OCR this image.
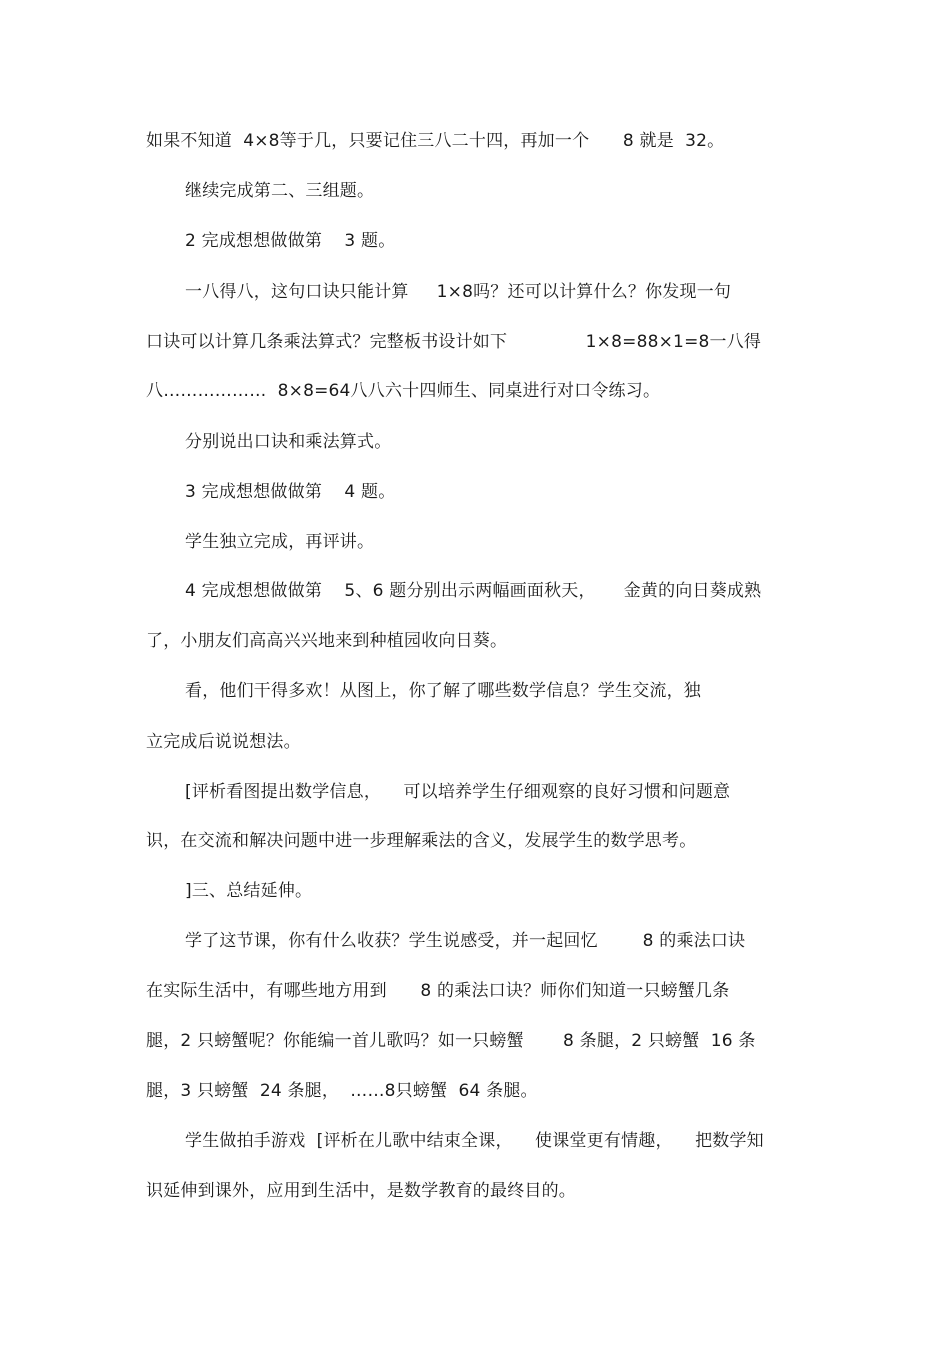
如果不知道  4×8等于几，只要记住三八二十四，再加一个      8 就是  32。
继续完成第二、三组题。
2 完成想想做做第    3 题。
一八得八，这句口诀只能计算     1×8吗？还可以计算什么？你发现一句
口诀可以计算几条乘法算式？完整板书设计如下              1×8=88×1=8一八得
八………………  8×8=64八八六十四师生、同桌进行对口令练习。
分别说出口诀和乘法算式。
3 完成想想做做第    4 题。
学生独立完成，再评讲。
4 完成想想做做第    5、6 题分别出示两幅画面秋天，     金黄的向日葵成熟
了，小朋友们高高兴兴地来到种植园收向日葵。
看，他们干得多欢！从图上，你了解了哪些数学信息？学生交流，独
立完成后说说想法。
[评析看图提出数学信息，    可以培养学生仔细观察的良好习惯和问题意
识，在交流和解决问题中进一步理解乘法的含义，发展学生的数学思考。
]三、总结延伸。
学了这节课，你有什么收获？学生说感受，并一起回忆        8 的乘法口诀
在实际生活中，有哪些地方用到      8 的乘法口诀？师你们知道一只螃蟹几条
腿，2 只螃蟹呢？你能编一首儿歌吗？如一只螃蟹       8 条腿，2 只螃蟹  16 条
腿，3 只螃蟹  24 条腿，  ……8只螃蟹  64 条腿。
学生做拍手游戏  [评析在儿歌中结束全课，    使课堂更有情趣，    把数学知
识延伸到课外，应用到生活中，是数学教育的最终目的。
